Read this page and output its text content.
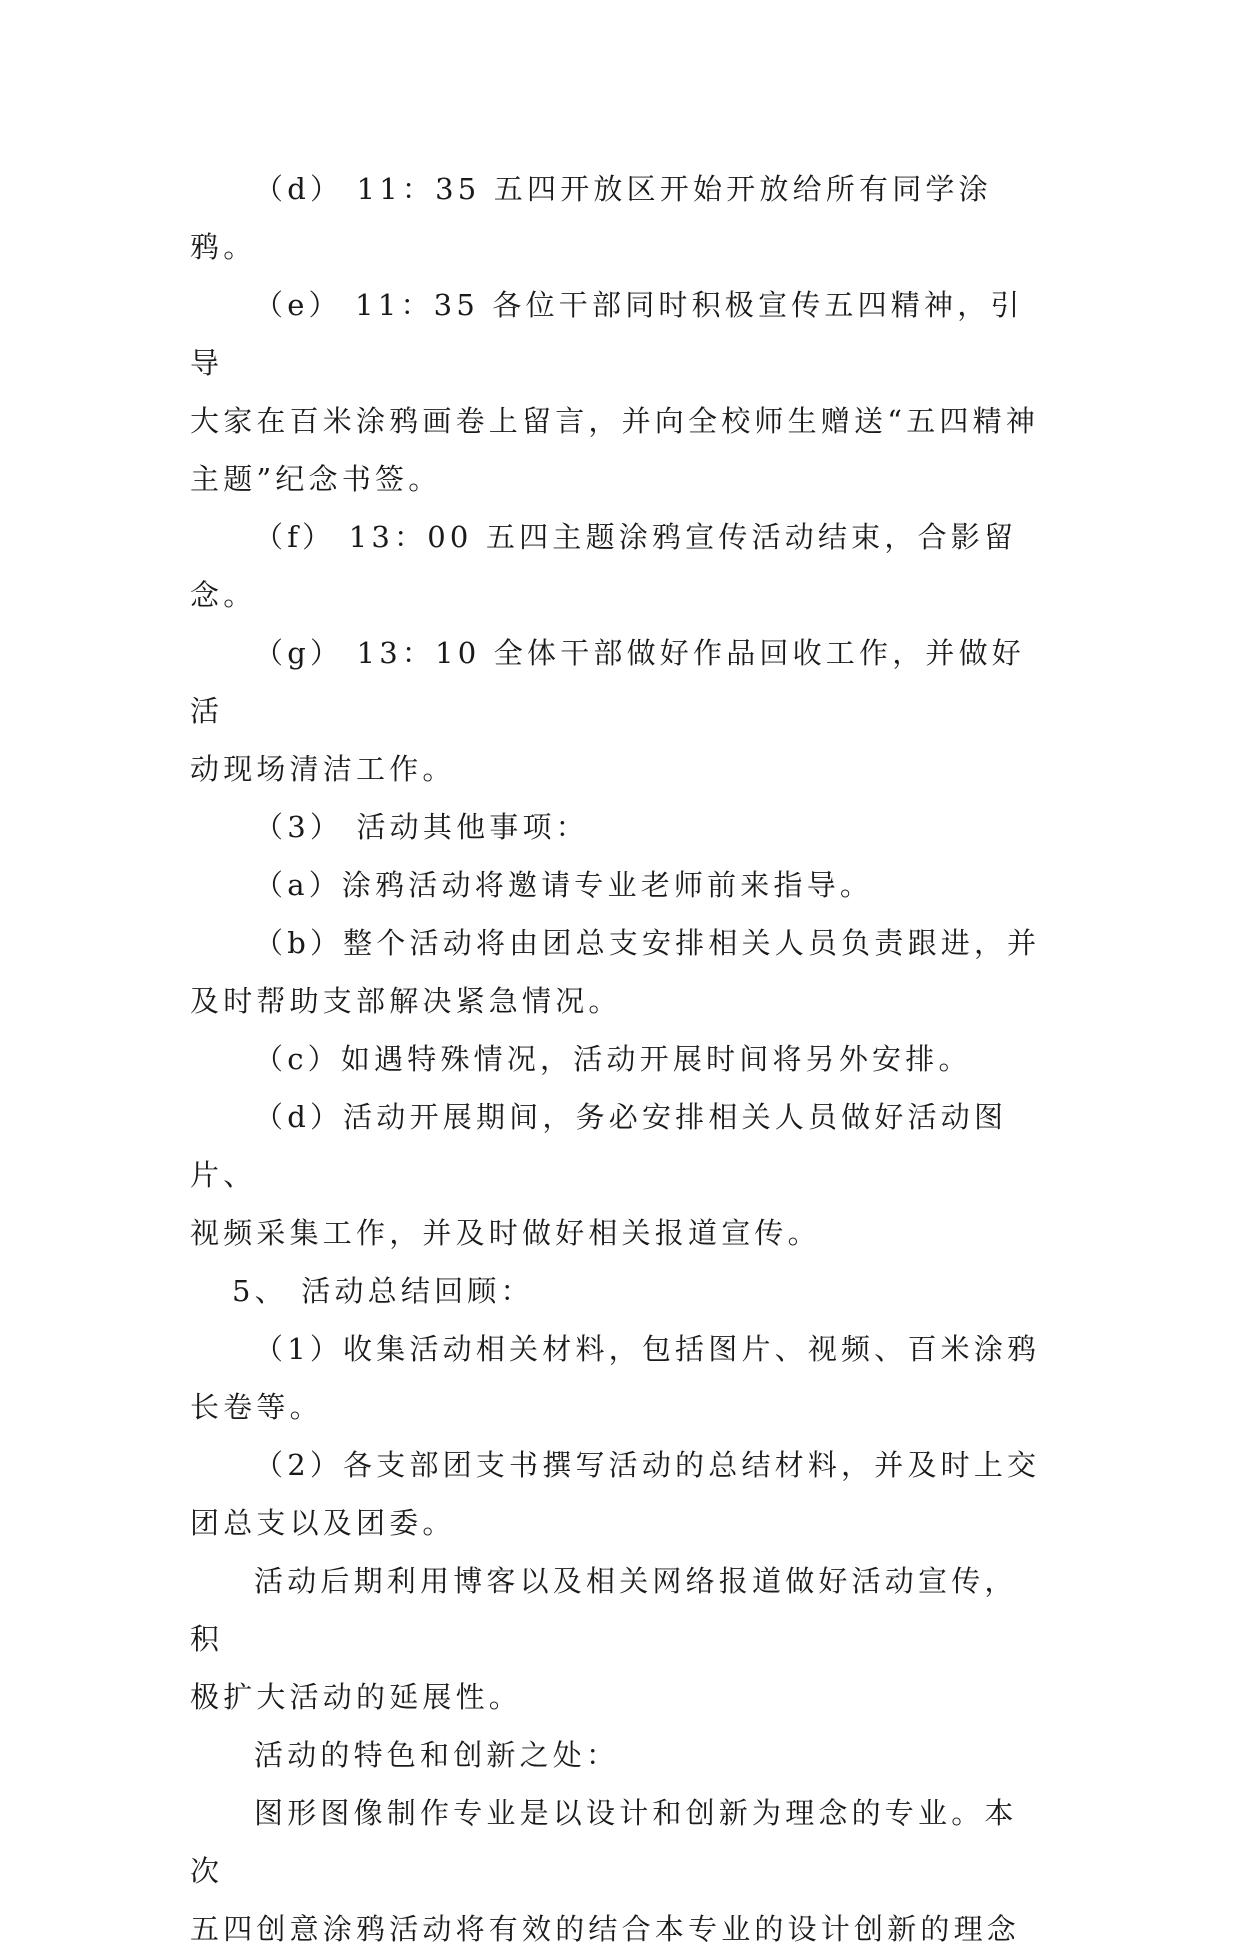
（d） 11：35 五四开放区开始开放给所有同学涂鸦。

（e） 11：35 各位干部同时积极宣传五四精神，引导
大家在百米涂鸦画卷上留言，并向全校师生赠送“五四精神
主题”纪念书签。

（f） 13：00 五四主题涂鸦宣传活动结束，合影留念。

（g） 13：10 全体干部做好作品回收工作，并做好活
动现场清洁工作。

（3） 活动其他事项：

（a）涂鸦活动将邀请专业老师前来指导。

（b）整个活动将由团总支安排相关人员负责跟进，并
及时帮助支部解决紧急情况。

（c）如遇特殊情况，活动开展时间将另外安排。

（d）活动开展期间，务必安排相关人员做好活动图片、
视频采集工作，并及时做好相关报道宣传。

5、 活动总结回顾：

（1）收集活动相关材料，包括图片、视频、百米涂鸦
长卷等。

（2）各支部团支书撰写活动的总结材料，并及时上交
团总支以及团委。

活动后期利用博客以及相关网络报道做好活动宣传，积
极扩大活动的延展性。

活动的特色和创新之处：

图形图像制作专业是以设计和创新为理念的专业。本次
五四创意涂鸦活动将有效的结合本专业的设计创新的理念
